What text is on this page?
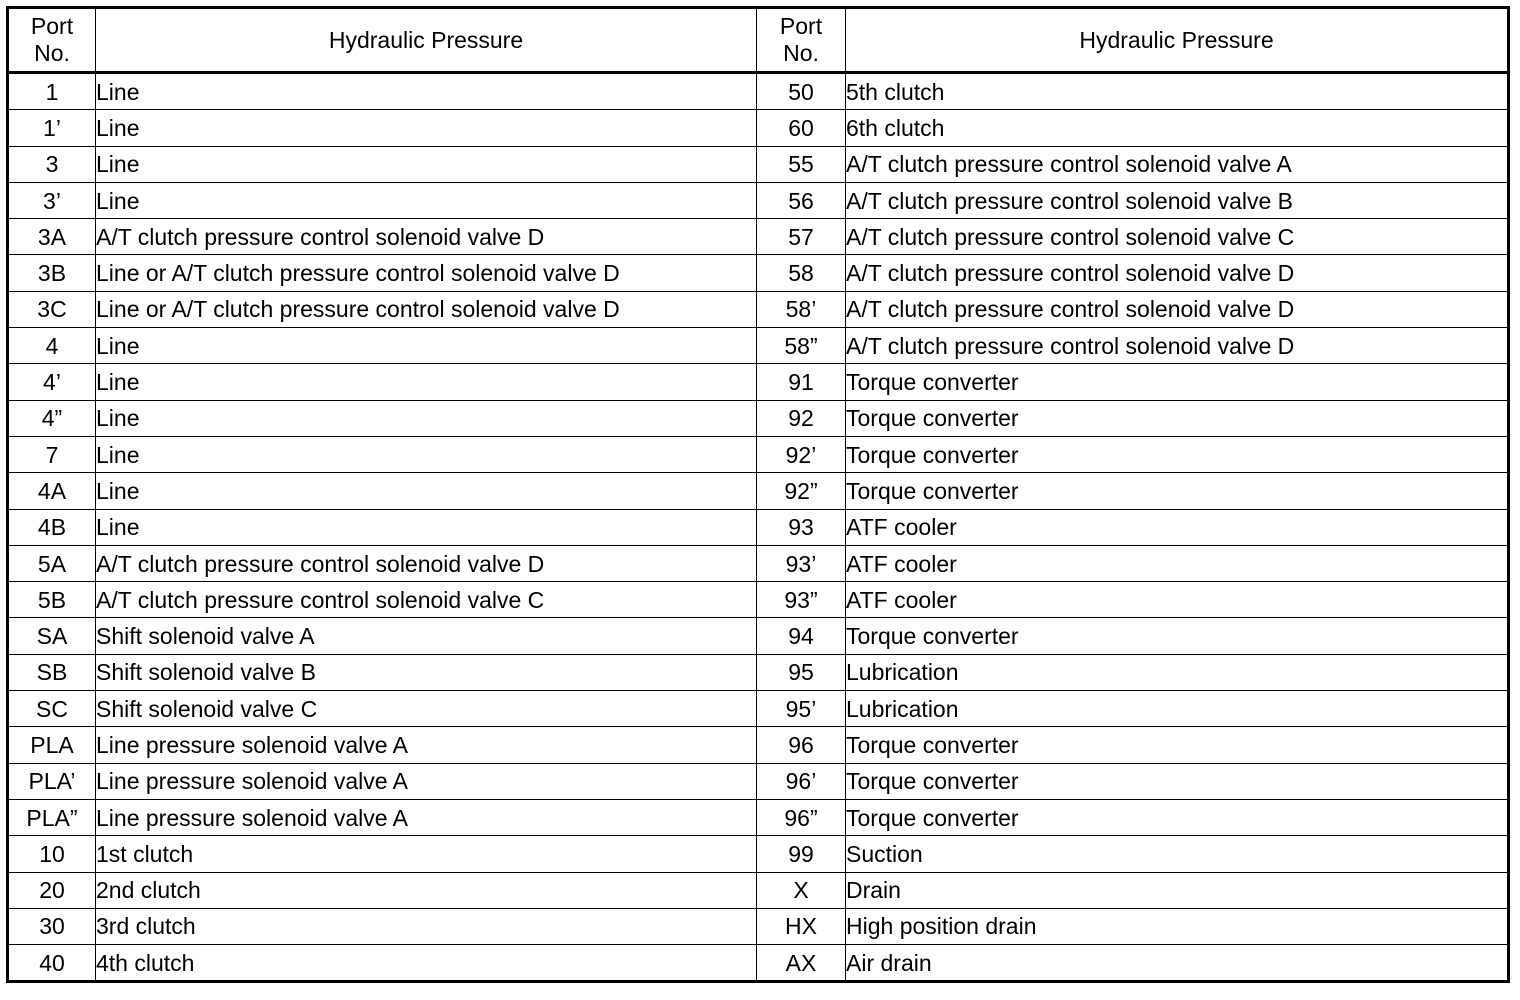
Port No.	Hydraulic Pressure	Port No.	Hydraulic Pressure
1	Line	50	5th clutch
1’	Line	60	6th clutch
3	Line	55	A/T clutch pressure control solenoid valve A
3’	Line	56	A/T clutch pressure control solenoid valve B
3A	A/T clutch pressure control solenoid valve D	57	A/T clutch pressure control solenoid valve C
3B	Line or A/T clutch pressure control solenoid valve D	58	A/T clutch pressure control solenoid valve D
3C	Line or A/T clutch pressure control solenoid valve D	58’	A/T clutch pressure control solenoid valve D
4	Line	58”	A/T clutch pressure control solenoid valve D
4’	Line	91	Torque converter
4”	Line	92	Torque converter
7	Line	92’	Torque converter
4A	Line	92”	Torque converter
4B	Line	93	ATF cooler
5A	A/T clutch pressure control solenoid valve D	93’	ATF cooler
5B	A/T clutch pressure control solenoid valve C	93”	ATF cooler
SA	Shift solenoid valve A	94	Torque converter
SB	Shift solenoid valve B	95	Lubrication
SC	Shift solenoid valve C	95’	Lubrication
PLA	Line pressure solenoid valve A	96	Torque converter
PLA’	Line pressure solenoid valve A	96’	Torque converter
PLA”	Line pressure solenoid valve A	96”	Torque converter
10	1st clutch	99	Suction
20	2nd clutch	X	Drain
30	3rd clutch	HX	High position drain
40	4th clutch	AX	Air drain
